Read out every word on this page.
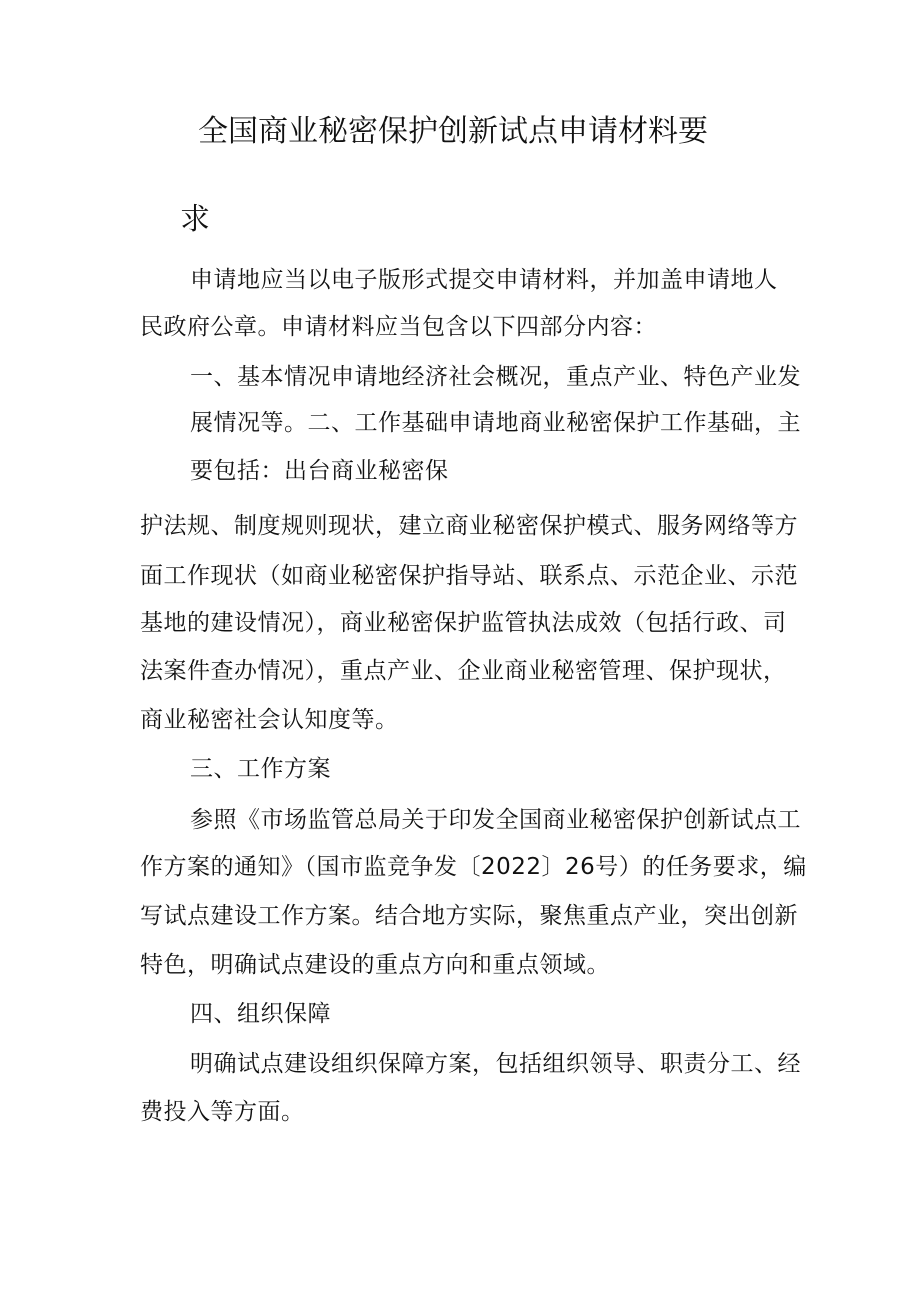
全国商业秘密保护创新试点申请材料要
求

申请地应当以电子版形式提交申请材料，并加盖申请地人

民政府公章。申请材料应当包含以下四部分内容：

一、基本情况申请地经济社会概况，重点产业、特色产业发

展情况等。二、工作基础申请地商业秘密保护工作基础，主

要包括：出台商业秘密保

护法规、制度规则现状，建立商业秘密保护模式、服务网络等方

面工作现状（如商业秘密保护指导站、联系点、示范企业、示范

基地的建设情况），商业秘密保护监管执法成效（包括行政、司

法案件查办情况），重点产业、企业商业秘密管理、保护现状，

商业秘密社会认知度等。

三、工作方案

参照《市场监管总局关于印发全国商业秘密保护创新试点工

作方案的通知》（国市监竞争发〔2022〕26号）的任务要求，编

写试点建设工作方案。结合地方实际，聚焦重点产业，突出创新

特色，明确试点建设的重点方向和重点领域。

四、组织保障

明确试点建设组织保障方案，包括组织领导、职责分工、经

费投入等方面。
